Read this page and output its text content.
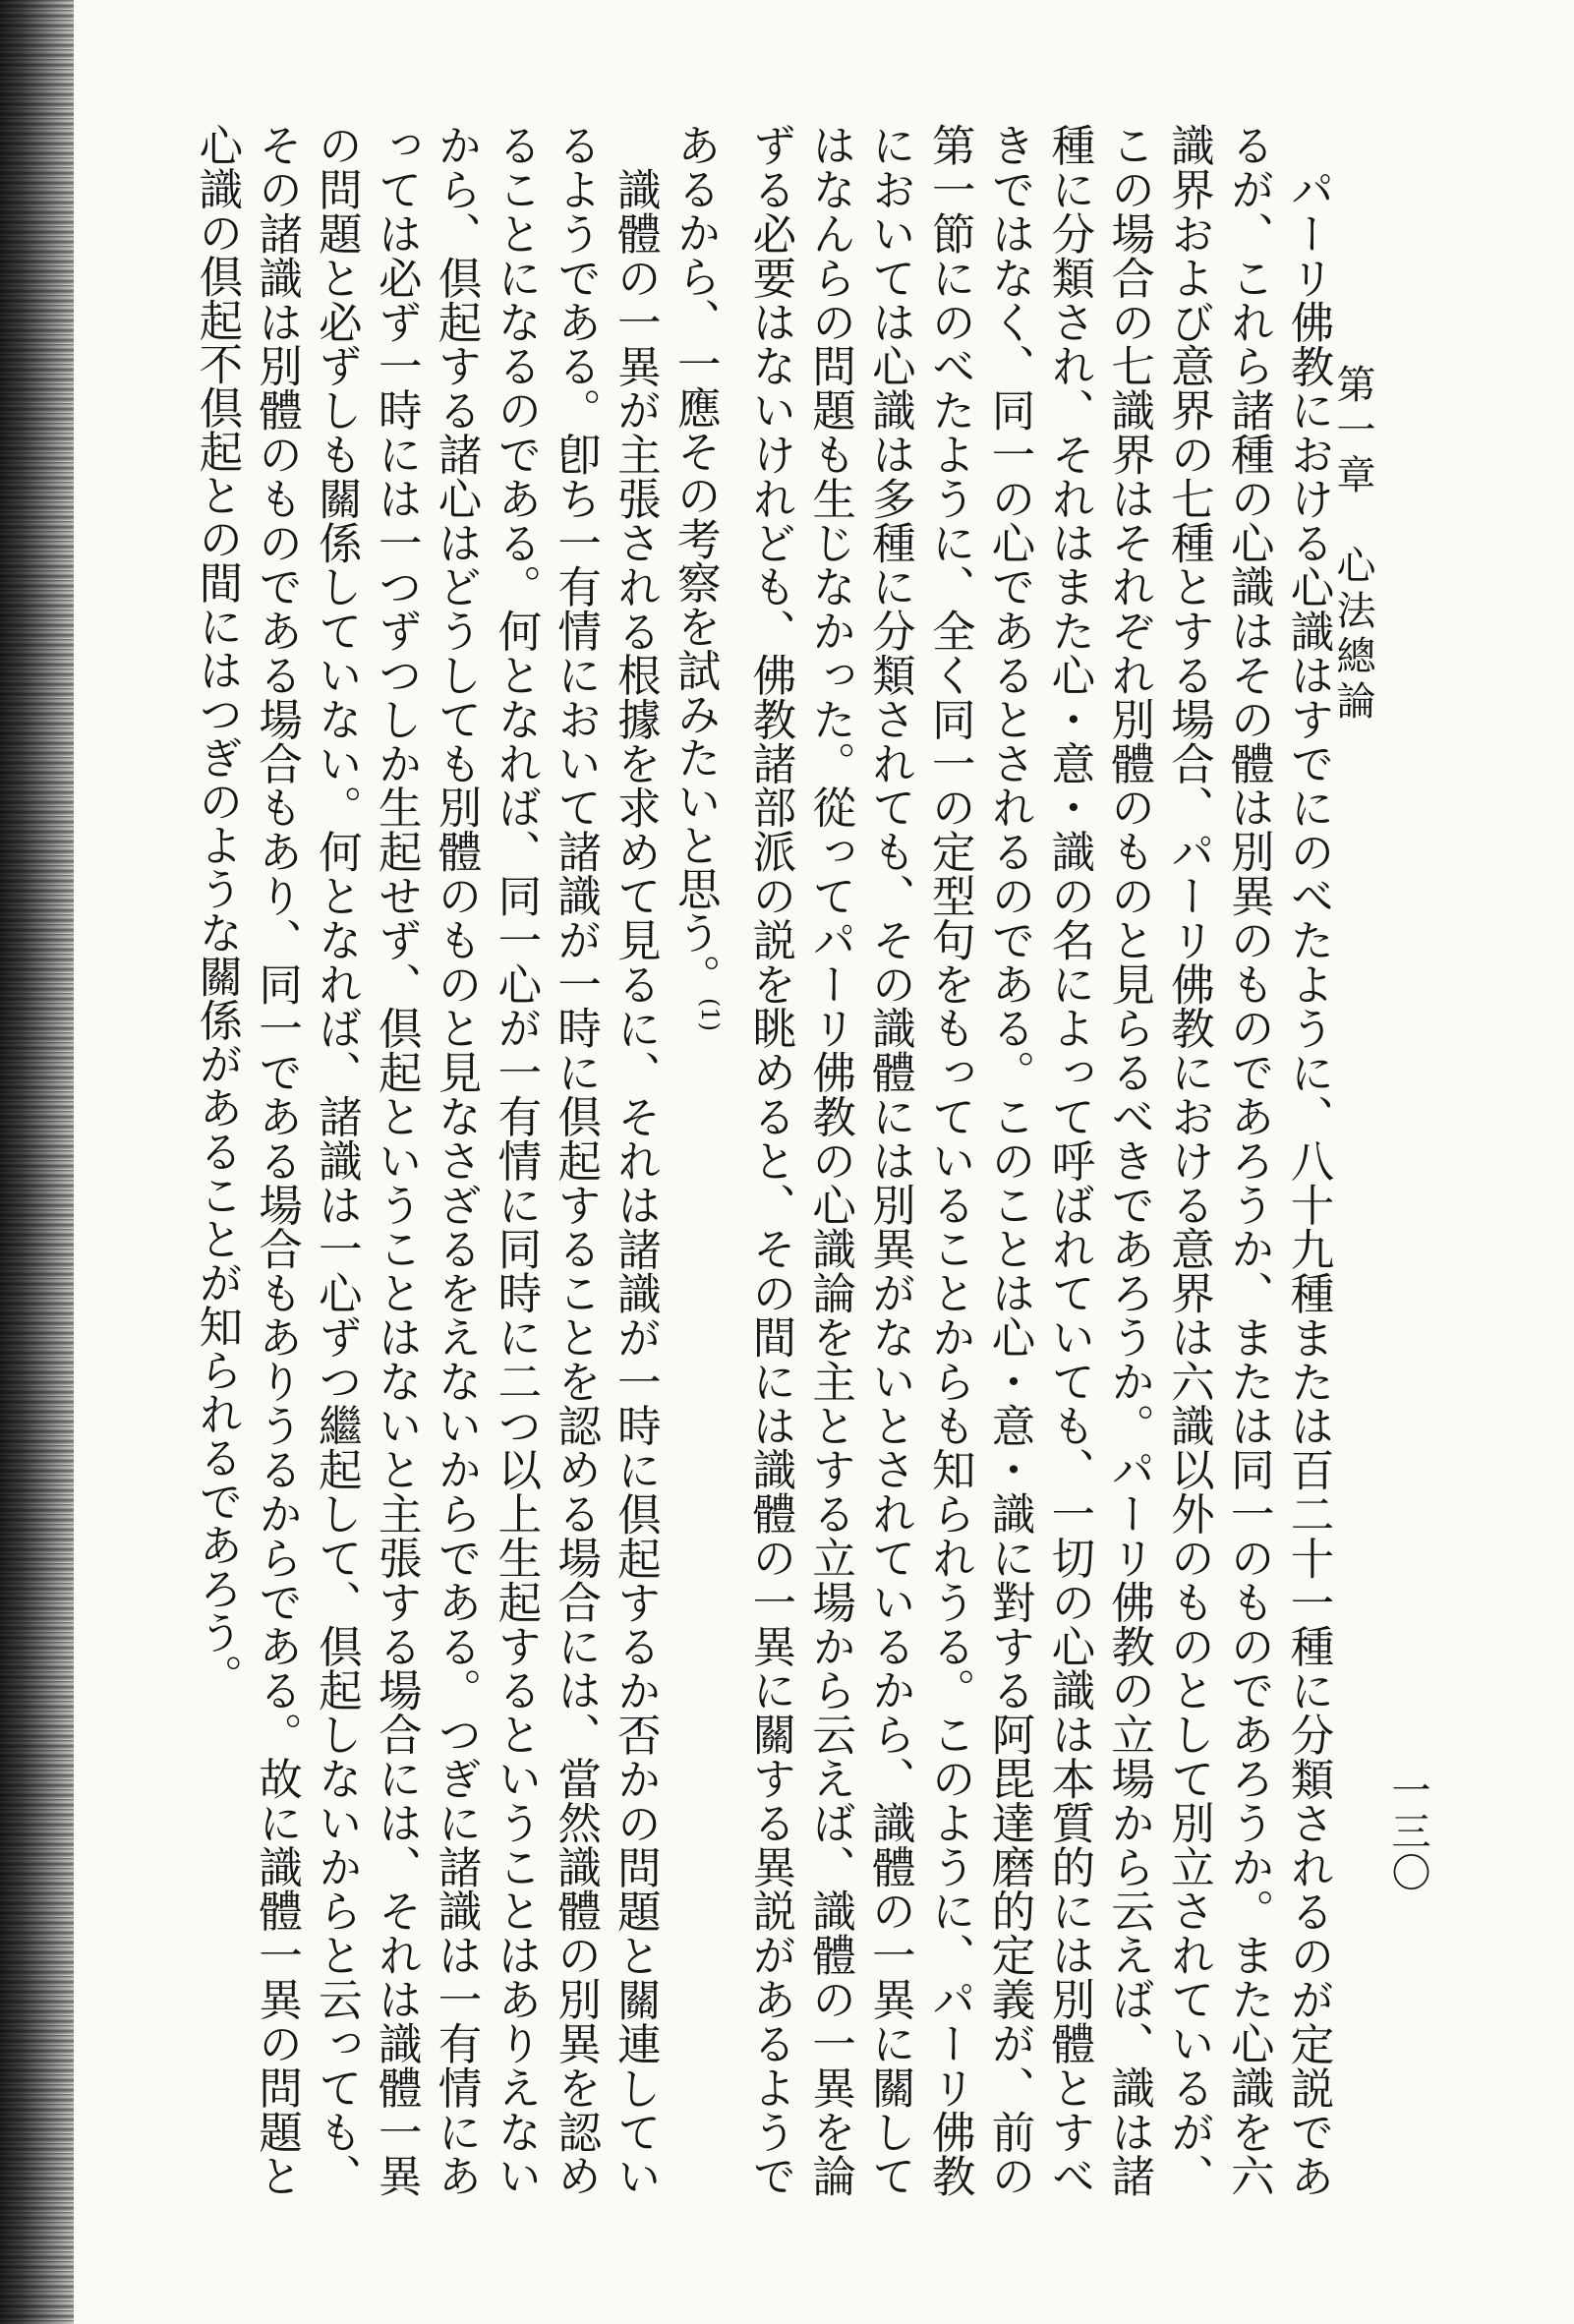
第一章　心法總論
一三〇

パーリ佛教における心識はすでにのべたように、八十九種または百二十一種に分類されるのが定説であるが、これら諸種の心識はその體は別異のものであろうか、または同一のものであろうか。また心識を六識界および意界の七種とする場合、パーリ佛教における意界は六識以外のものとして別立されているが、この場合の七識界はそれぞれ別體のものと見らるべきであろうか。パーリ佛教の立場から云えば、識は諸種に分類され、それはまた心・意・識の名によって呼ばれていても、一切の心識は本質的には別體とすべきではなく、同一の心であるとされるのである。このことは心・意・識に對する阿毘達磨的定義が、前の第一節にのべたように、全く同一の定型句をもっていることからも知られうる。このように、パーリ佛教においては心識は多種に分類されても、その識體には別異がないとされているから、識體の一異に關してはなんらの問題も生じなかった。從ってパーリ佛教の心識論を主とする立場から云えば、識體の一異を論ずる必要はないけれども、佛教諸部派の説を眺めると、その間には識體の一異に關する異説があるようであるから、一應その考察を試みたいと思う。$^{(1)}$

識體の一異が主張される根據を求めて見るに、それは諸識が一時に倶起するか否かの問題と關連しているようである。卽ち一有情において諸識が一時に倶起することを認める場合には、當然識體の別異を認めることになるのである。何となれば、同一心が一有情に同時に二つ以上生起するということはありえないから、倶起する諸心はどうしても別體のものと見なさざるをえないからである。つぎに諸識は一有情にあっては必ず一時には一つずつしか生起せず、倶起ということはないと主張する場合には、それは識體一異の問題と必ずしも關係していない。何となれば、諸識は一心ずつ繼起して、倶起しないからと云っても、その諸識は別體のものである場合もあり、同一である場合もありうるからである。故に識體一異の問題と心識の倶起不倶起との間にはつぎのような關係があることが知られるであろう。
